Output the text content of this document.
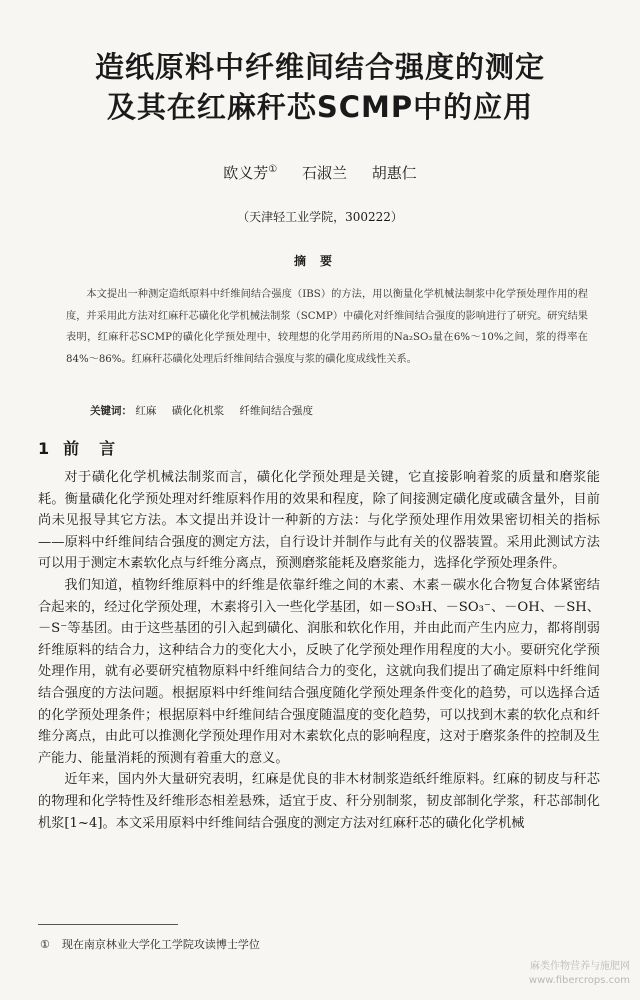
造纸原料中纤维间结合强度的测定
及其在红麻秆芯SCMP中的应用
欧义芳① 石淑兰 胡惠仁
（天津轻工业学院，300222）
摘要
本文提出一种测定造纸原料中纤维间结合强度（IBS）的方法，用以衡量化学机械法制浆中化学预处理作用的程度，并采用此方法对红麻秆芯磺化化学机械法制浆（SCMP）中磺化对纤维间结合强度的影响进行了研究。研究结果表明，红麻秆芯SCMP的磺化化学预处理中，较理想的化学用药所用的Na₂SO₃量在6%～10%之间，浆的得率在84%～86%。红麻秆芯磺化处理后纤维间结合强度与浆的磺化度成线性关系。
关键词： 红麻 磺化化机浆 纤维间结合强度
1 前言

对于磺化化学机械法制浆而言，磺化化学预处理是关键，它直接影响着浆的质量和磨浆能耗。衡量磺化化学预处理对纤维原料作用的效果和程度，除了间接测定磺化度或磺含量外，目前尚未见报导其它方法。本文提出并设计一种新的方法：与化学预处理作用效果密切相关的指标——原料中纤维间结合强度的测定方法，自行设计并制作与此有关的仪器装置。采用此测试方法可以用于测定木素软化点与纤维分离点，预测磨浆能耗及磨浆能力，选择化学预处理条件。

我们知道，植物纤维原料中的纤维是依靠纤维之间的木素、木素－碳水化合物复合体紧密结合起来的，经过化学预处理，木素将引入一些化学基团，如－SO₃H、－SO₃⁻、－OH、－SH、－S⁻等基团。由于这些基团的引入起到磺化、润胀和软化作用，并由此而产生内应力，都将削弱纤维原料的结合力，这种结合力的变化大小，反映了化学预处理作用程度的大小。要研究化学预处理作用，就有必要研究植物原料中纤维间结合力的变化，这就向我们提出了确定原料中纤维间结合强度的方法问题。根据原料中纤维间结合强度随化学预处理条件变化的趋势，可以选择合适的化学预处理条件；根据原料中纤维间结合强度随温度的变化趋势，可以找到木素的软化点和纤维分离点，由此可以推测化学预处理作用对木素软化点的影响程度，这对于磨浆条件的控制及生产能力、能量消耗的预测有着重大的意义。

近年来，国内外大量研究表明，红麻是优良的非木材制浆造纸纤维原料。红麻的韧皮与秆芯的物理和化学特性及纤维形态相差悬殊，适宜于皮、秆分别制浆，韧皮部制化学浆，秆芯部制化机浆[1~4]。本文采用原料中纤维间结合强度的测定方法对红麻秆芯的磺化化学机械

① 现在南京林业大学化工学院攻读博士学位
麻类作物营养与施肥网
www.fibercrops.com
